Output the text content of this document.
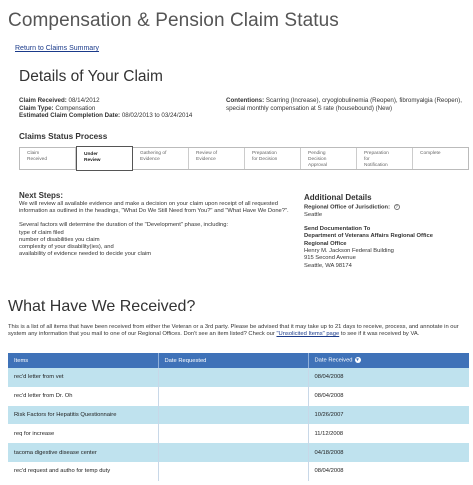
Compensation & Pension Claim Status
Return to Claims Summary
Details of Your Claim
Claim Received: 08/14/2012
Claim Type: Compensation
Estimated Claim Completion Date: 08/02/2013 to 03/24/2014
Contentions: Scarring (Increase), cryoglobulinemia (Reopen), fibromyalgia (Reopen), special monthly compensation at S rate (housebound) (New)
Claims Status Process
Claim
Received
Under
Review
Gathering of
Evidence
Review of
Evidence
Preparation
for Decision
Pending
Decision
Approval
Preparation
for
Notification
Complete
Next Steps:

We will review all available evidence and make a decision on your claim upon receipt of all requested information as outlined in the headings, "What Do We Still Need from You?" and "What Have We Done?".

Several factors will determine the duration of the "Development" phase, including:
type of claim filed
number of disabilities you claim
complexity of your disability(ies), and
availability of evidence needed to decide your claim
Additional Details
Regional Office of Jurisdiction: ?
Seattle
Send Documentation To
Department of Veterans Affairs Regional Office
Regional Office
Henry M. Jackson Federal Building
915 Second Avenue
Seattle, WA 98174
What Have We Received?
This is a list of all items that have been received from either the Veteran or a 3rd party. Please be advised that it may take up to 21 days to receive, process, and annotate in our system any information that you mail to one of our Regional Offices. Don't see an item listed? Check our "Unsolicited Items" page to see if it was received by VA.
Items	Date Requested	Date Received ▾
rec'd letter from vet		08/04/2008
rec'd letter from Dr. Oh		08/04/2008
Risk Factors for Hepatitis Questionnaire		10/26/2007
req for increase		11/12/2008
tacoma digestive disease center		04/18/2008
rec'd request and autho for temp duty		08/04/2008
